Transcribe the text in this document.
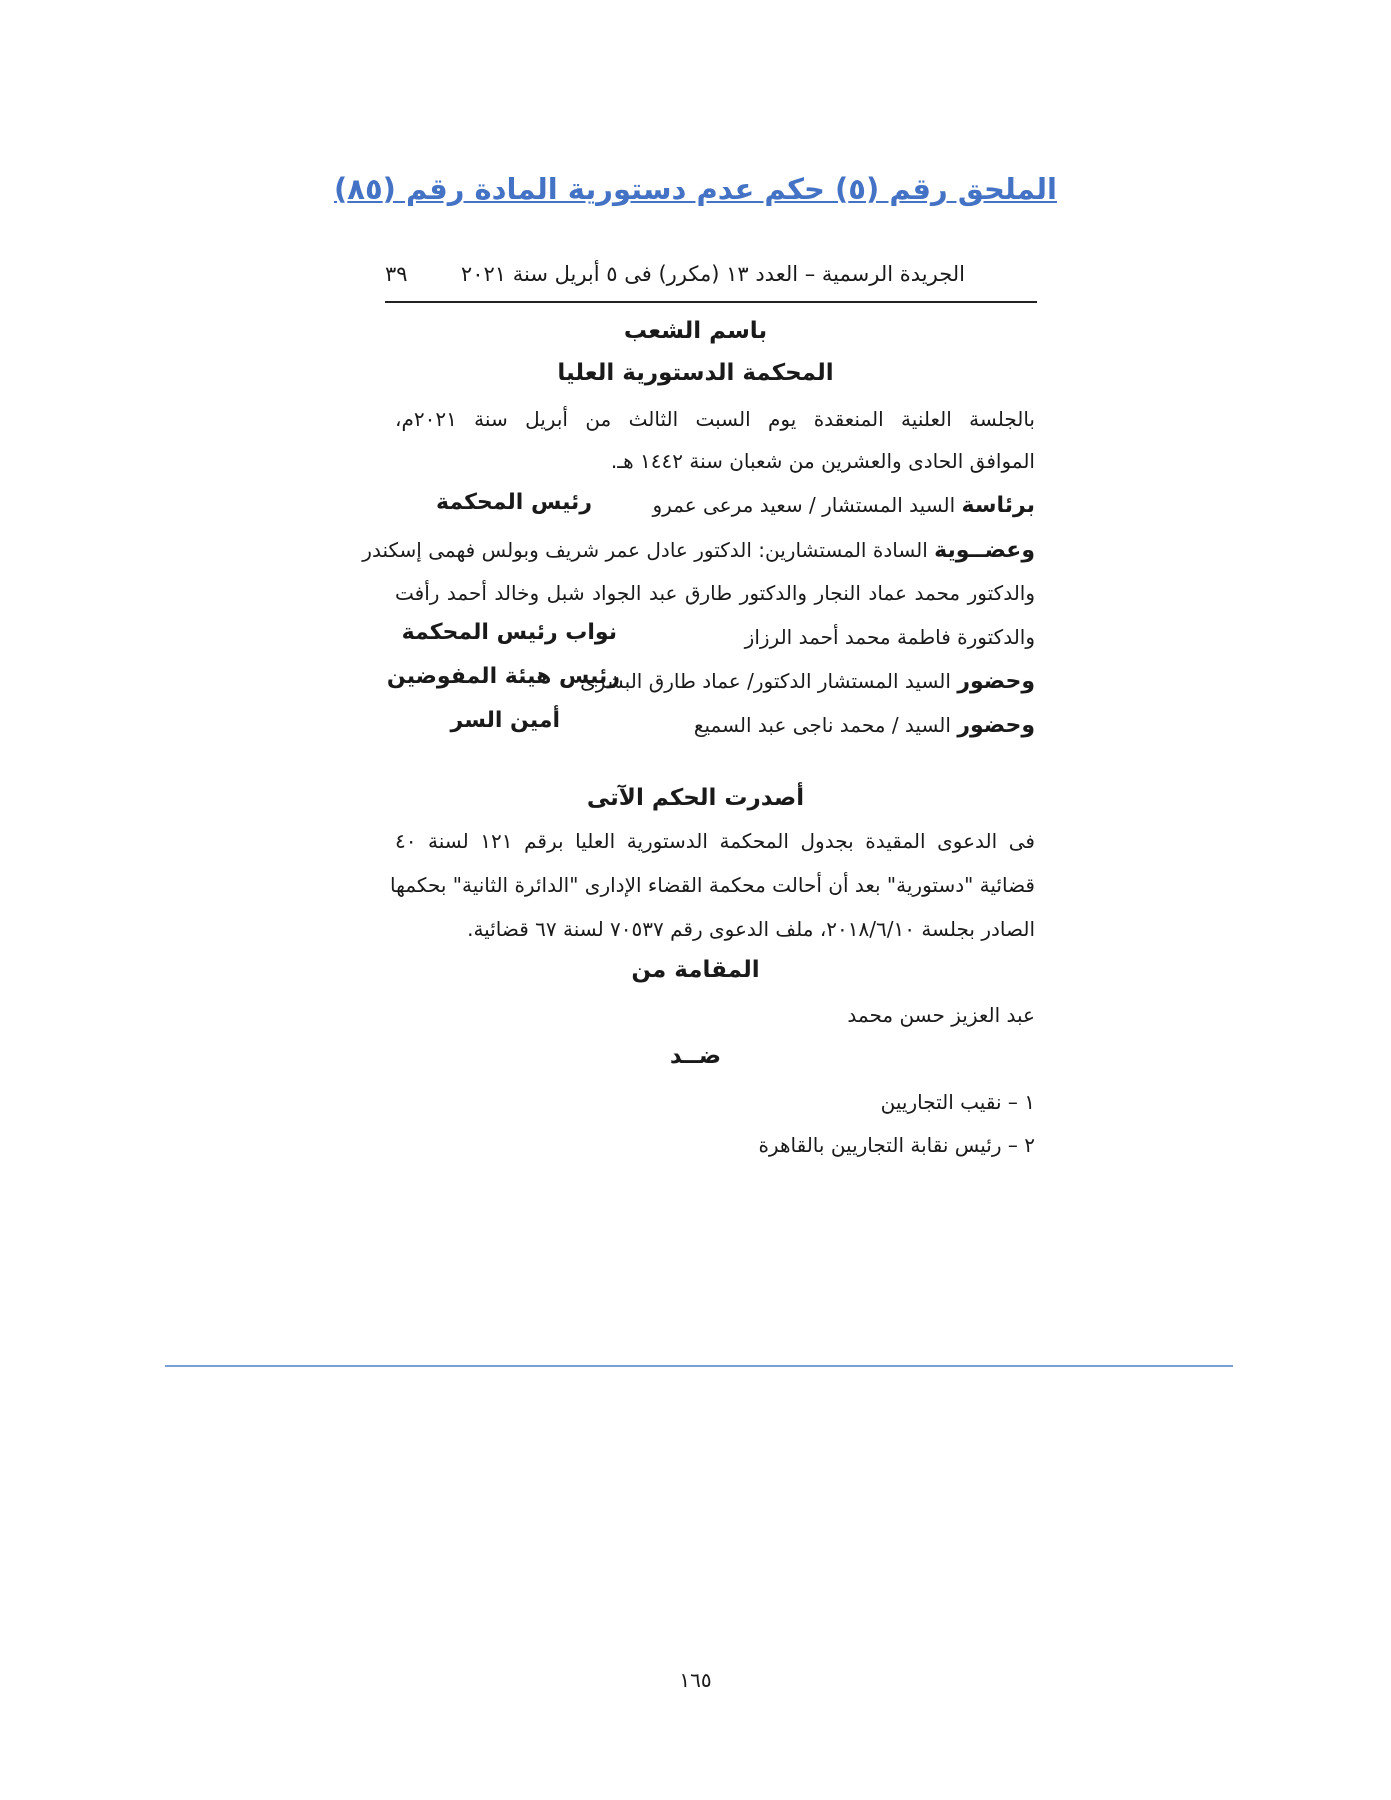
الملحق رقم (٥) حكم عدم دستورية المادة رقم (٨٥)
الجريدة الرسمية – العدد ١٣ (مكرر) فى ٥ أبريل سنة ٢٠٢١
٣٩
باسم الشعب
المحكمة الدستورية العليا
بالجلسة العلنية المنعقدة يوم السبت الثالث من أبريل سنة ٢٠٢١م،
الموافق الحادى والعشرين من شعبان سنة ١٤٤٢ هـ.
برئاسة السيد المستشار / سعيد مرعى عمرو
رئيس المحكمة
وعضــوية السادة المستشارين: الدكتور عادل عمر شريف وبولس فهمى إسكندر
والدكتور محمد عماد النجار والدكتور طارق عبد الجواد شبل وخالد أحمد رأفت
والدكتورة فاطمة محمد أحمد الرزاز
نواب رئيس المحكمة
وحضور السيد المستشار الدكتور/ عماد طارق البشرى
رئيس هيئة المفوضين
وحضور السيد / محمد ناجى عبد السميع
أمين السر
فى الدعوى المقيدة بجدول المحكمة الدستورية العليا برقم ١٢١ لسنة ٤٠
قضائية "دستورية" بعد أن أحالت محكمة القضاء الإدارى "الدائرة الثانية" بحكمها
الصادر بجلسة ٢٠١٨/٦/١٠، ملف الدعوى رقم ٧٠٥٣٧ لسنة ٦٧ قضائية.
عبد العزيز حسن محمد
١ – نقيب التجاريين
٢ – رئيس نقابة التجاريين بالقاهرة
أصدرت الحكم الآتى
المقامة من
ضــد
١٦٥
